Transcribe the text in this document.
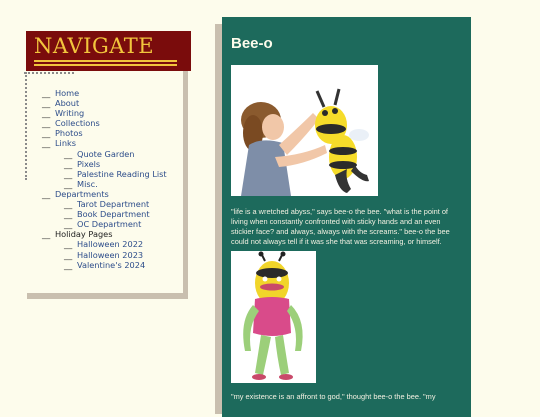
NAVIGATE
__ Home
__ About
__ Writing
__ Collections
__ Photos
__ Links
__ Quote Garden
__ Pixels
__ Palestine Reading List
__ Misc.
__ Departments
__ Tarot Department
__ Book Department
__ OC Department
__ Holiday Pages
__ Halloween 2022
__ Halloween 2023
__ Valentine's 2024
Bee-o
"life is a wretched abyss," says bee-o the bee. "what is the point of living when constantly confronted with sticky hands and an even stickier face? and always, always with the screams." bee-o the bee could not always tell if it was she that was screaming, or himself.
"my existence is an affront to god," thought bee-o the bee. "my
